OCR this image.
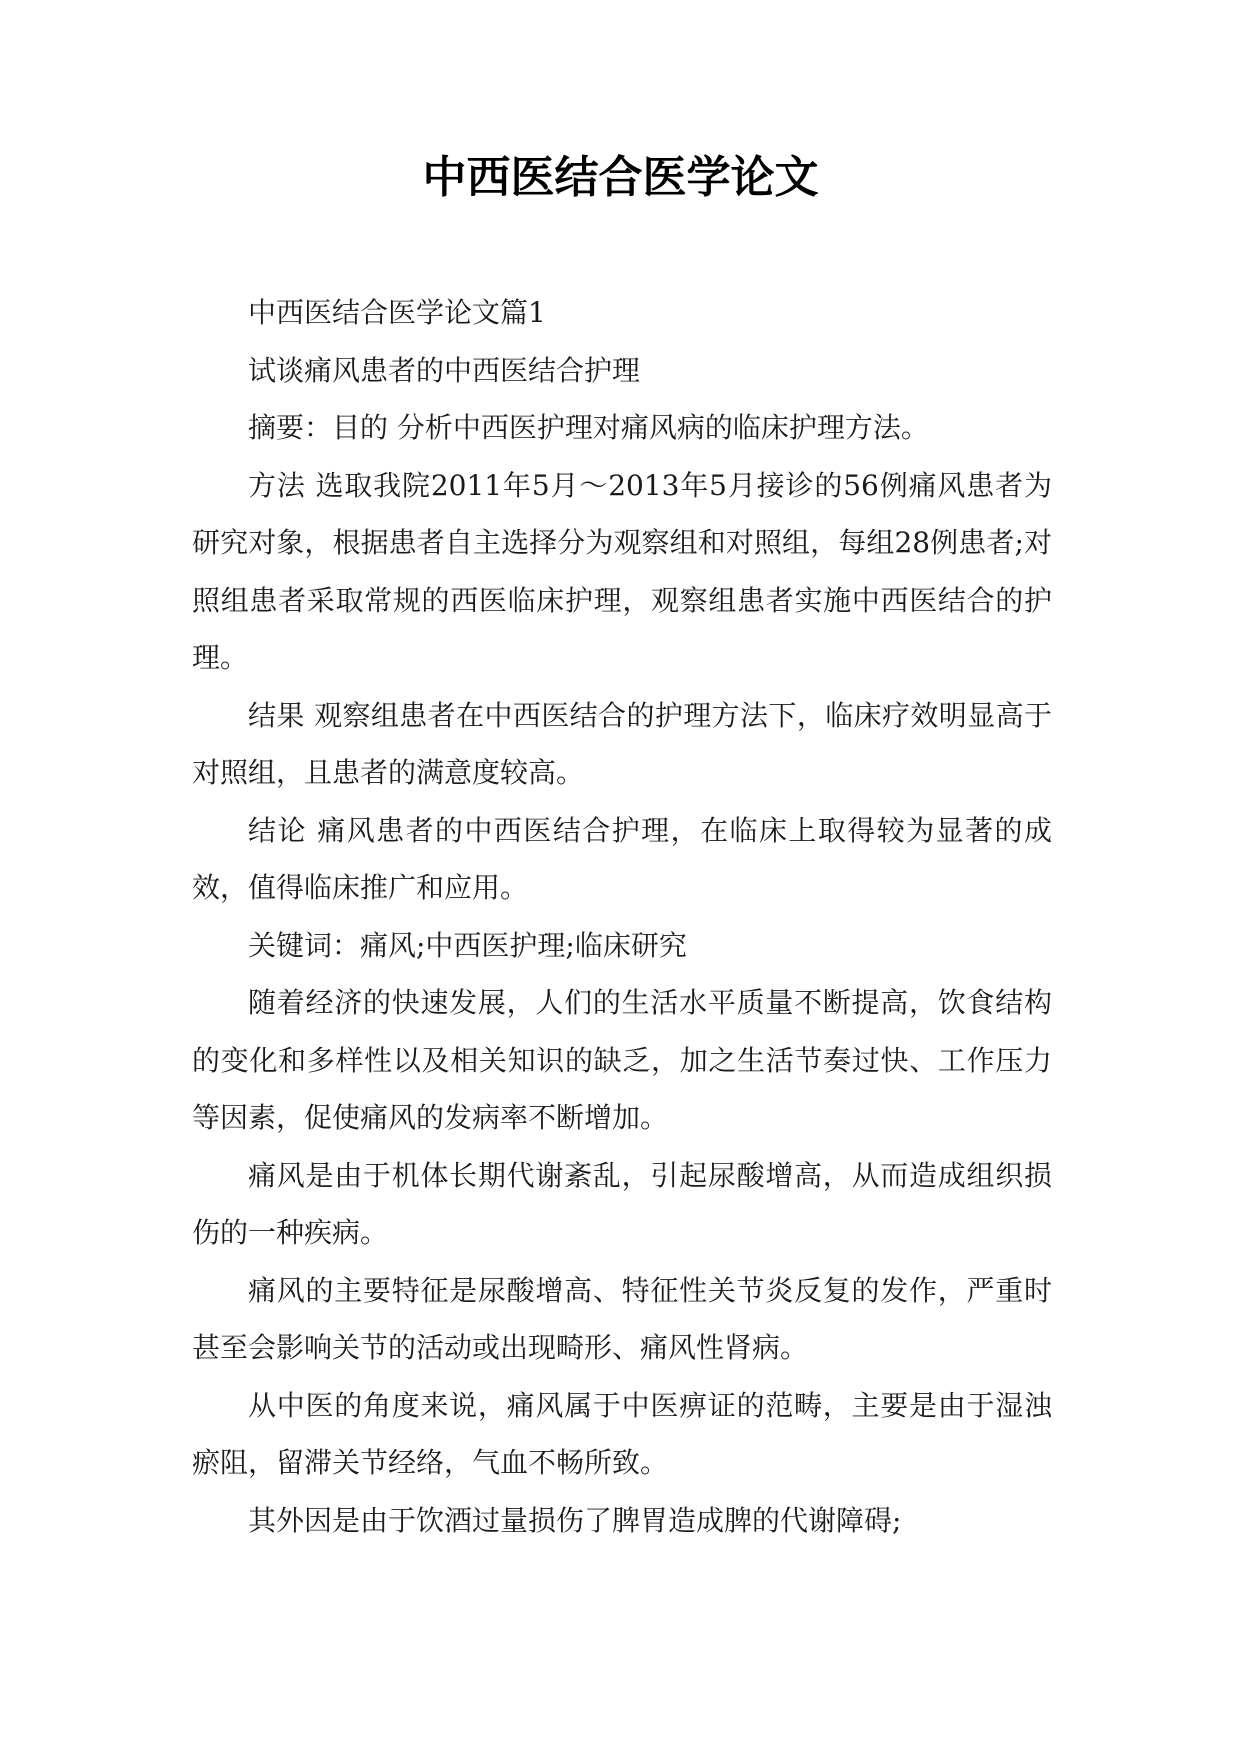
中西医结合医学论文

中西医结合医学论文篇1

试谈痛风患者的中西医结合护理

摘要：目的 分析中西医护理对痛风病的临床护理方法。

方法 选取我院2011年5月～2013年5月接诊的56例痛风患者为研究对象，根据患者自主选择分为观察组和对照组，每组28例患者;对照组患者采取常规的西医临床护理，观察组患者实施中西医结合的护理。

结果 观察组患者在中西医结合的护理方法下，临床疗效明显高于对照组，且患者的满意度较高。

结论 痛风患者的中西医结合护理，在临床上取得较为显著的成效，值得临床推广和应用。

关键词：痛风;中西医护理;临床研究

随着经济的快速发展，人们的生活水平质量不断提高，饮食结构的变化和多样性以及相关知识的缺乏，加之生活节奏过快、工作压力等因素，促使痛风的发病率不断增加。

痛风是由于机体长期代谢紊乱，引起尿酸增高，从而造成组织损伤的一种疾病。

痛风的主要特征是尿酸增高、特征性关节炎反复的发作，严重时甚至会影响关节的活动或出现畸形、痛风性肾病。

从中医的角度来说，痛风属于中医痹证的范畴，主要是由于湿浊瘀阻，留滞关节经络，气血不畅所致。

其外因是由于饮酒过量损伤了脾胃造成脾的代谢障碍;
